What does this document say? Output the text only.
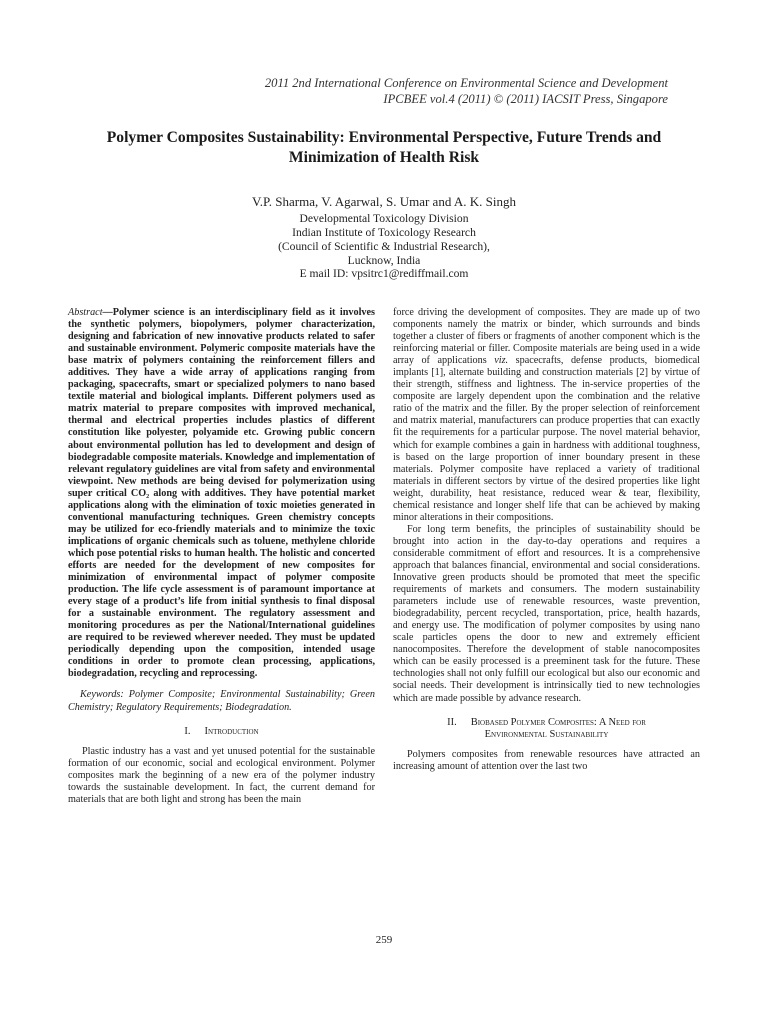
2011 2nd International Conference on Environmental Science and Development
IPCBEE vol.4 (2011) © (2011) IACSIT Press, Singapore
Polymer Composites Sustainability: Environmental Perspective, Future Trends and Minimization of Health Risk
V.P. Sharma, V. Agarwal, S. Umar and A. K. Singh
Developmental Toxicology Division
Indian Institute of Toxicology Research
(Council of Scientific & Industrial Research),
Lucknow, India
E mail ID: vpsitrc1@rediffmail.com
Abstract—Polymer science is an interdisciplinary field as it involves the synthetic polymers, biopolymers, polymer characterization, designing and fabrication of new innovative products related to safer and sustainable environment. Polymeric composite materials have the base matrix of polymers containing the reinforcement fillers and additives. They have a wide array of applications ranging from packaging, spacecrafts, smart or specialized polymers to nano based textile material and biological implants. Different polymers used as matrix material to prepare composites with improved mechanical, thermal and electrical properties includes plastics of different constitution like polyester, polyamide etc. Growing public concern about environmental pollution has led to development and design of biodegradable composite materials. Knowledge and implementation of relevant regulatory guidelines are vital from safety and environmental viewpoint. New methods are being devised for polymerization using super critical CO₂ along with additives. They have potential market applications along with the elimination of toxic moieties generated in conventional manufacturing techniques. Green chemistry concepts may be utilized for eco-friendly materials and to minimize the toxic implications of organic chemicals such as toluene, methylene chloride which pose potential risks to human health. The holistic and concerted efforts are needed for the development of new composites for minimization of environmental impact of polymer composite production. The life cycle assessment is of paramount importance at every stage of a product’s life from initial synthesis to final disposal for a sustainable environment. The regulatory assessment and monitoring procedures as per the National/International guidelines are required to be reviewed wherever needed. They must be updated periodically depending upon the composition, intended usage conditions in order to promote clean processing, applications, biodegradation, recycling and reprocessing.
Keywords: Polymer Composite; Environmental Sustainability; Green Chemistry; Regulatory Requirements; Biodegradation.
I. Introduction

Plastic industry has a vast and yet unused potential for the sustainable formation of our economic, social and ecological environment. Polymer composites mark the beginning of a new era of the polymer industry towards the sustainable development. In fact, the current demand for materials that are both light and strong has been the main

force driving the development of composites. They are made up of two components namely the matrix or binder, which surrounds and binds together a cluster of fibers or fragments of another component which is the reinforcing material or filler. Composite materials are being used in a wide array of applications viz. spacecrafts, defense products, biomedical implants [1], alternate building and construction materials [2] by virtue of their strength, stiffness and lightness. The in-service properties of the composite are largely dependent upon the combination and the relative ratio of the matrix and the filler. By the proper selection of reinforcement and matrix material, manufacturers can produce properties that can exactly fit the requirements for a particular purpose. The novel material behavior, which for example combines a gain in hardness with additional toughness, is based on the large proportion of inner boundary present in these materials. Polymer composite have replaced a variety of traditional materials in different sectors by virtue of the desired properties like light weight, durability, heat resistance, reduced wear & tear, flexibility, chemical resistance and longer shelf life that can be achieved by making minor alterations in their compositions.

For long term benefits, the principles of sustainability should be brought into action in the day-to-day operations and requires a considerable commitment of effort and resources. It is a comprehensive approach that balances financial, environmental and social considerations. Innovative green products should be promoted that meet the specific requirements of markets and consumers. The modern sustainability parameters include use of renewable resources, waste prevention, biodegradability, percent recycled, transportation, price, health hazards, and energy use. The modification of polymer composites by using nano scale particles opens the door to new and extremely efficient nanocomposites. Therefore the development of stable nanocomposites which can be easily processed is a preeminent task for the future. These technologies shall not only fulfill our ecological but also our economic and social needs. Their development is intrinsically tied to new technologies which are made possible by advance research.

II. Biobased Polymer Composites: A Need for
Environmental Sustainability

Polymers composites from renewable resources have attracted an increasing amount of attention over the last two

259
